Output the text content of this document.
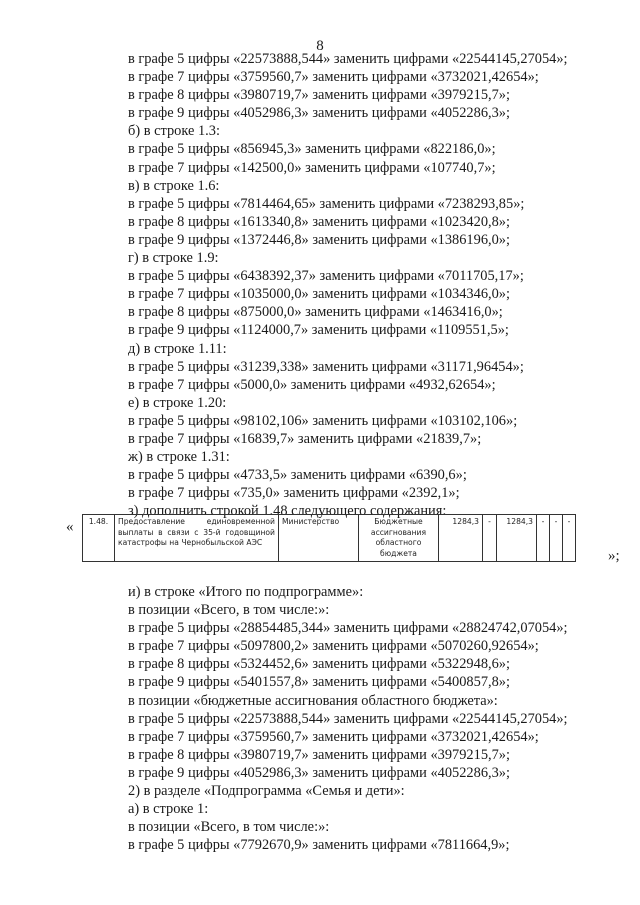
8
в графе 5 цифры «22573888,544» заменить цифрами «22544145,27054»;
в графе 7 цифры «3759560,7» заменить цифрами «3732021,42654»;
в графе 8 цифры «3980719,7» заменить цифрами «3979215,7»;
в графе 9 цифры «4052986,3» заменить цифрами «4052286,3»;
б) в строке 1.3:
в графе 5 цифры «856945,3» заменить цифрами «822186,0»;
в графе 7 цифры «142500,0» заменить цифрами «107740,7»;
в) в строке 1.6:
в графе 5 цифры «7814464,65» заменить цифрами «7238293,85»;
в графе 8 цифры «1613340,8» заменить цифрами «1023420,8»;
в графе 9 цифры «1372446,8» заменить цифрами «1386196,0»;
г) в строке 1.9:
в графе 5 цифры «6438392,37» заменить цифрами «7011705,17»;
в графе 7 цифры «1035000,0» заменить цифрами «1034346,0»;
в графе 8 цифры «875000,0» заменить цифрами «1463416,0»;
в графе 9 цифры «1124000,7» заменить цифрами «1109551,5»;
д) в строке 1.11:
в графе 5 цифры «31239,338» заменить цифрами «31171,96454»;
в графе 7 цифры «5000,0» заменить цифрами «4932,62654»;
е) в строке 1.20:
в графе 5 цифры «98102,106» заменить цифрами «103102,106»;
в графе 7 цифры «16839,7» заменить цифрами «21839,7»;
ж) в строке 1.31:
в графе 5 цифры «4733,5» заменить цифрами «6390,6»;
в графе 7 цифры «735,0» заменить цифрами «2392,1»;
з) дополнить строкой 1.48 следующего содержания:
« 1.48.	Предоставление единовременной выплаты в связи с 35-й годовщиной катастрофы на Чернобыльской АЭС	Министерство	Бюджетные ассигнования областного бюджета	1284,3	-	1284,3	-	-	-
»;
и) в строке «Итого по подпрограмме»:
в позиции «Всего, в том числе:»:
в графе 5 цифры «28854485,344» заменить цифрами «28824742,07054»;
в графе 7 цифры «5097800,2» заменить цифрами «5070260,92654»;
в графе 8 цифры «5324452,6» заменить цифрами «5322948,6»;
в графе 9 цифры «5401557,8» заменить цифрами «5400857,8»;
в позиции «бюджетные ассигнования областного бюджета»:
в графе 5 цифры «22573888,544» заменить цифрами «22544145,27054»;
в графе 7 цифры «3759560,7» заменить цифрами «3732021,42654»;
в графе 8 цифры «3980719,7» заменить цифрами «3979215,7»;
в графе 9 цифры «4052986,3» заменить цифрами «4052286,3»;
2) в разделе «Подпрограмма «Семья и дети»:
а) в строке 1:
в позиции «Всего, в том числе:»:
в графе 5 цифры «7792670,9» заменить цифрами «7811664,9»;
